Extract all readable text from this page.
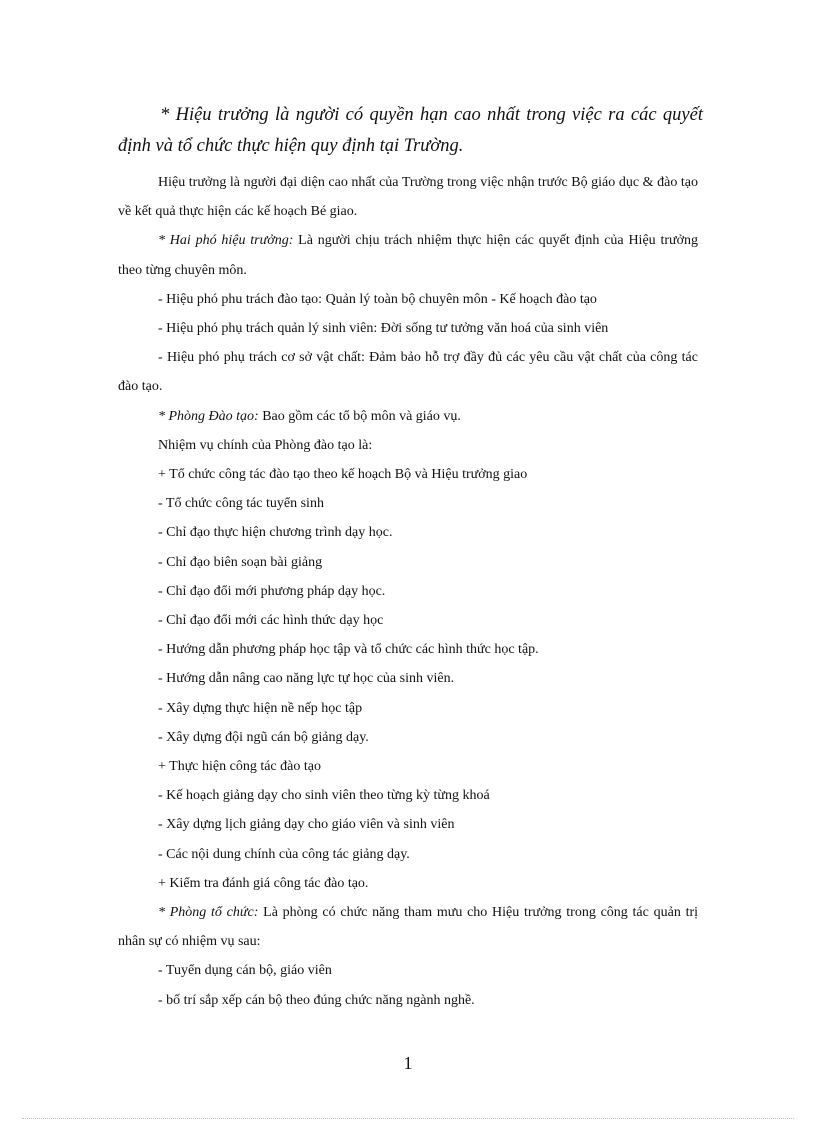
* Hiệu trưởng là người có quyền hạn cao nhất trong việc ra các quyết định và tổ chức thực hiện quy định tại Trường.

Hiệu trưởng là người đại diện cao nhất của Trường trong việc nhận trước Bộ giáo dục & đào tạo về kết quả thực hiện các kế hoạch Bé giao.

* Hai phó hiệu trưởng: Là người chịu trách nhiệm thực hiện các quyết định của Hiệu trưởng theo từng chuyên môn.

- Hiệu phó phu trách đào tạo: Quản lý toàn bộ chuyên môn - Kế hoạch đào tạo

- Hiệu phó phụ trách quản lý sinh viên: Đời sống tư tưởng văn hoá của sinh viên

- Hiệu phó phụ trách cơ sở vật chất: Đảm bảo hỗ trợ đầy đủ các yêu cầu vật chất của công tác đào tạo.

* Phòng Đào tạo: Bao gồm các tổ bộ môn và giáo vụ.

Nhiệm vụ chính của Phòng đào tạo là:

+ Tổ chức công tác đào tạo theo kế hoạch Bộ và Hiệu trưởng giao

- Tổ chức công tác tuyển sinh

- Chỉ đạo thực hiện chương trình dạy học.

- Chỉ đạo biên soạn bài giảng

- Chỉ đạo đổi mới phương pháp dạy học.

- Chỉ đạo đổi mới các hình thức dạy học

- Hướng dẫn phương pháp học tập và tổ chức các hình thức học tập.

- Hướng dẫn nâng cao năng lực tự học của sinh viên.

- Xây dựng thực hiện nề nếp học tập

- Xây dựng đội ngũ cán bộ giảng dạy.

+ Thực hiện công tác đào tạo

- Kế hoạch giảng dạy cho sinh viên theo từng kỳ từng khoá

- Xây dựng lịch giảng dạy cho giáo viên và sinh viên

- Các nội dung chính của công tác giảng dạy.

+ Kiểm tra đánh giá công tác đào tạo.

* Phòng tổ chức: Là phòng có chức năng tham mưu cho Hiệu trưởng trong công tác quản trị nhân sự có nhiệm vụ sau:

- Tuyển dụng cán bộ, giáo viên

- bố trí sắp xếp cán bộ theo đúng chức năng ngành nghề.

1
